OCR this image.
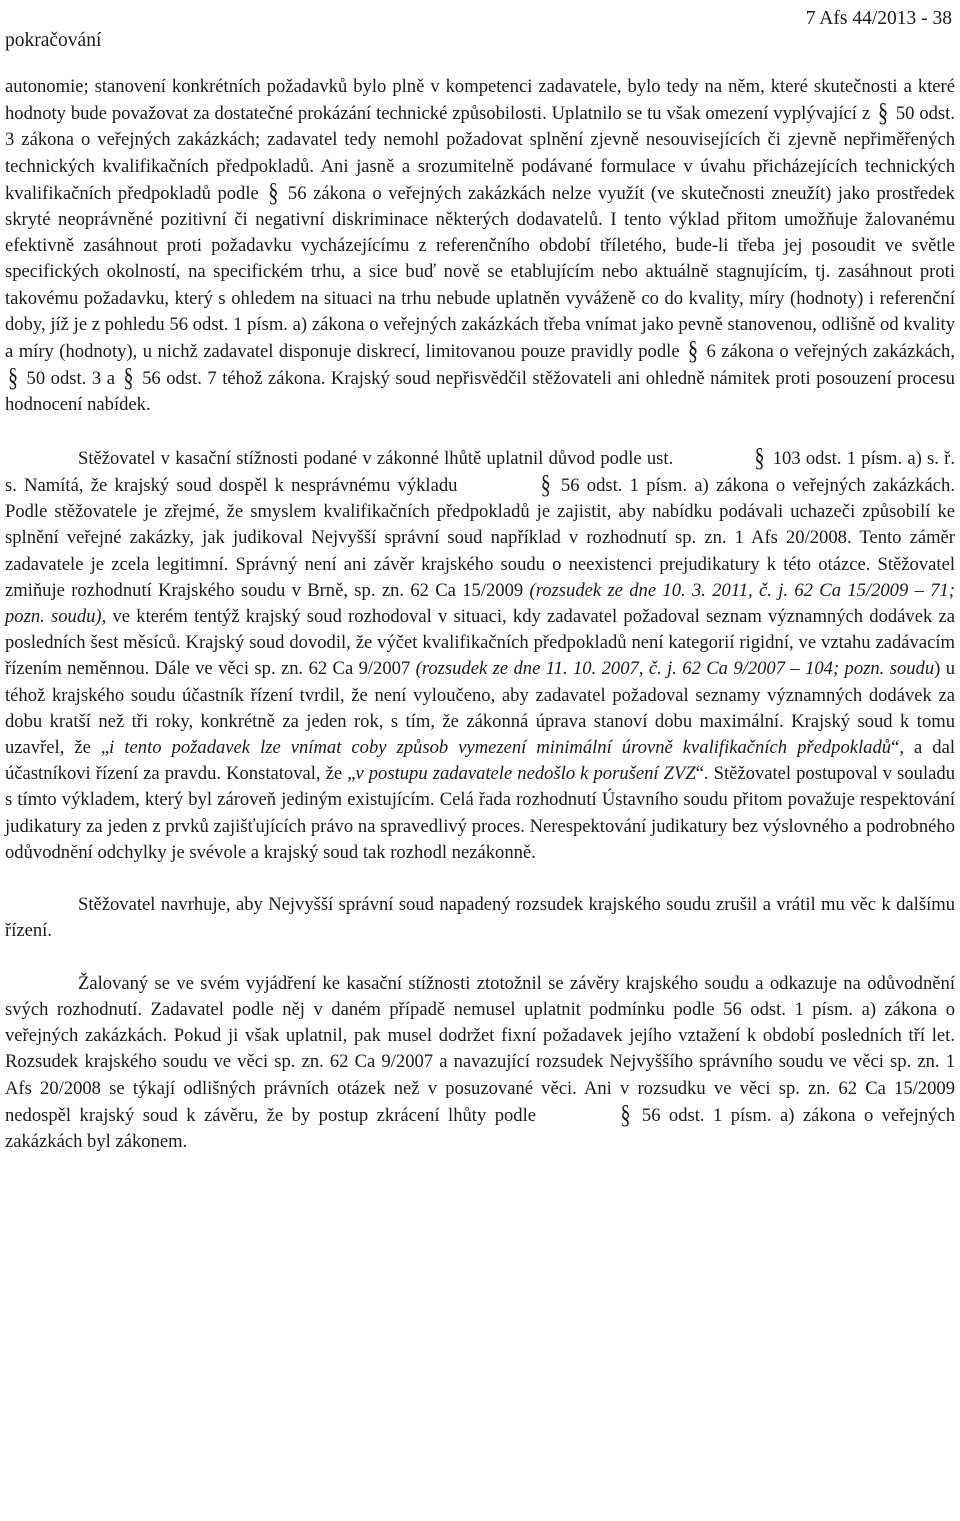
pokračování
7 Afs 44/2013 - 38

autonomie; stanovení konkrétních požadavků bylo plně v kompetenci zadavatele, bylo tedy na něm, které skutečnosti a které hodnoty bude považovat za dostatečné prokázání technické způsobilosti. Uplatnilo se tu však omezení vyplývající z § 50 odst. 3 zákona o veřejných zakázkách; zadavatel tedy nemohl požadovat splnění zjevně nesouvisejících či zjevně nepřiměřených technických kvalifikačních předpokladů. Ani jasně a srozumitelně podávané formulace v úvahu přicházejících technických kvalifikačních předpokladů podle § 56 zákona o veřejných zakázkách nelze využít (ve skutečnosti zneužít) jako prostředek skryté neoprávněné pozitivní či negativní diskriminace některých dodavatelů. I tento výklad přitom umožňuje žalovanému efektivně zasáhnout proti požadavku vycházejícímu z referenčního období tříletého, bude-li třeba jej posoudit ve světle specifických okolností, na specifickém trhu, a sice buď nově se etablujícím nebo aktuálně stagnujícím, tj. zasáhnout proti takovému požadavku, který s ohledem na situaci na trhu nebude uplatněn vyváženě co do kvality, míry (hodnoty) i referenční doby, jíž je z pohledu 56 odst. 1 písm. a) zákona o veřejných zakázkách třeba vnímat jako pevně stanovenou, odlišně od kvality a míry (hodnoty), u nichž zadavatel disponuje diskrecí, limitovanou pouze pravidly podle § 6 zákona o veřejných zakázkách, § 50 odst. 3 a § 56 odst. 7 téhož zákona. Krajský soud nepřisvědčil stěžovateli ani ohledně námitek proti posouzení procesu hodnocení nabídek.

Stěžovatel v kasační stížnosti podané v zákonné lhůtě uplatnil důvod podle ust.	§ 103 odst. 1 písm. a) s. ř. s. Namítá, že krajský soud dospěl k nesprávnému výkladu	§ 56 odst. 1 písm. a) zákona o veřejných zakázkách. Podle stěžovatele je zřejmé, že smyslem kvalifikačních předpokladů je zajistit, aby nabídku podávali uchazeči způsobilí ke splnění veřejné zakázky, jak judikoval Nejvyšší správní soud například v rozhodnutí sp. zn. 1 Afs 20/2008. Tento záměr zadavatele je zcela legitimní. Správný není ani závěr krajského soudu o neexistenci prejudikatury k této otázce. Stěžovatel zmiňuje rozhodnutí Krajského soudu v Brně, sp. zn. 62 Ca 15/2009 (rozsudek ze dne 10. 3. 2011, č. j. 62 Ca 15/2009 – 71; pozn. soudu), ve kterém tentýž krajský soud rozhodoval v situaci, kdy zadavatel požadoval seznam významných dodávek za posledních šest měsíců. Krajský soud dovodil, že výčet kvalifikačních předpokladů není kategorií rigidní, ve vztahu zadávacím řízením neměnnou. Dále ve věci sp. zn. 62 Ca 9/2007 (rozsudek ze dne 11. 10. 2007, č. j. 62 Ca 9/2007 – 104; pozn. soudu) u téhož krajského soudu účastník řízení tvrdil, že není vyloučeno, aby zadavatel požadoval seznamy významných dodávek za dobu kratší než tři roky, konkrétně za jeden rok, s tím, že zákonná úprava stanoví dobu maximální. Krajský soud k tomu uzavřel, že „i tento požadavek lze vnímat coby způsob vymezení minimální úrovně kvalifikačních předpokladů“, a dal účastníkovi řízení za pravdu. Konstatoval, že „v postupu zadavatele nedošlo k porušení ZVZ“. Stěžovatel postupoval v souladu s tímto výkladem, který byl zároveň jediným existujícím. Celá řada rozhodnutí Ústavního soudu přitom považuje respektování judikatury za jeden z prvků zajišťujících právo na spravedlivý proces. Nerespektování judikatury bez výslovného a podrobného odůvodnění odchylky je svévole a krajský soud tak rozhodl nezákonně.

Stěžovatel navrhuje, aby Nejvyšší správní soud napadený rozsudek krajského soudu zrušil a vrátil mu věc k dalšímu řízení.

Žalovaný se ve svém vyjádření ke kasační stížnosti ztotožnil se závěry krajského soudu a odkazuje na odůvodnění svých rozhodnutí. Zadavatel podle něj v daném případě nemusel uplatnit podmínku podle 56 odst. 1 písm. a) zákona o veřejných zakázkách. Pokud ji však uplatnil, pak musel dodržet fixní požadavek jejího vztažení k období posledních tří let. Rozsudek krajského soudu ve věci sp. zn. 62 Ca 9/2007 a navazující rozsudek Nejvyššího správního soudu ve věci sp. zn. 1 Afs 20/2008 se týkají odlišných právních otázek než v posuzované věci. Ani v rozsudku ve věci sp. zn. 62 Ca 15/2009 nedospěl krajský soud k závěru, že by postup zkrácení lhůty podle	§ 56 odst. 1 písm. a) zákona o veřejných zakázkách byl zákonem.
